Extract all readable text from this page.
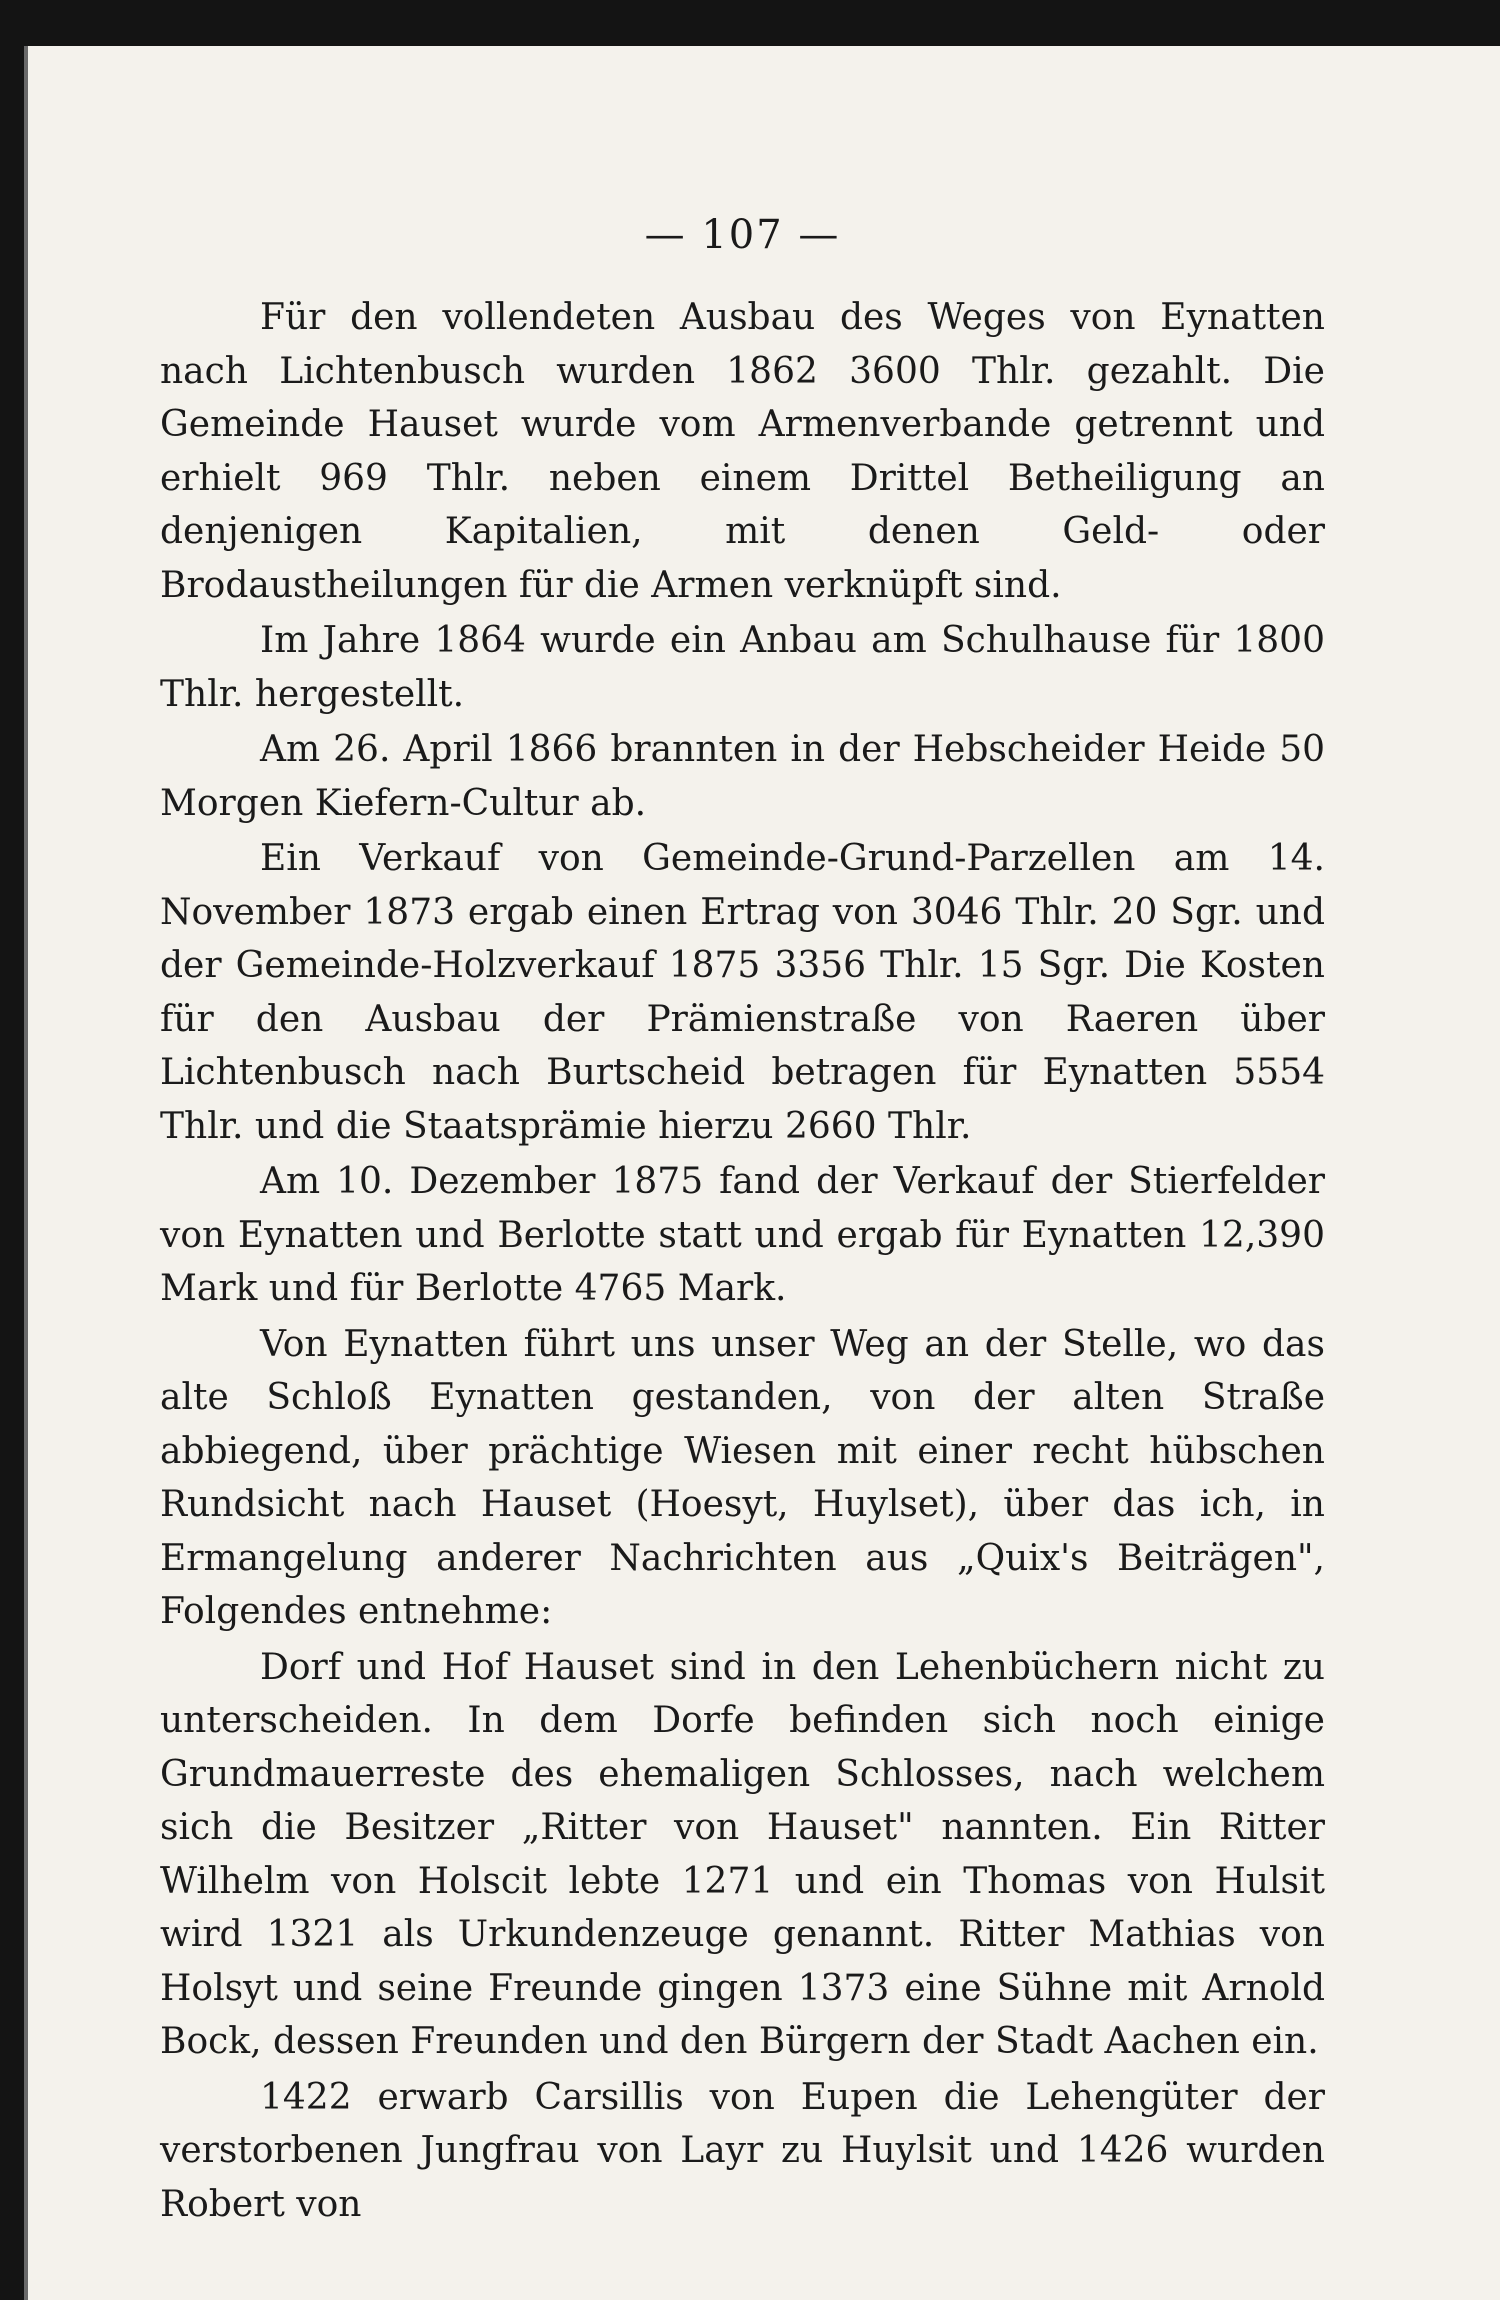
— 107 —

Für den vollendeten Ausbau des Weges von Eynatten nach Lichtenbusch wurden 1862 3600 Thlr. gezahlt. Die Gemeinde Hauset wurde vom Armenverbande getrennt und erhielt 969 Thlr. neben einem Drittel Betheiligung an denjenigen Kapitalien, mit denen Geld- oder Brodaustheilungen für die Armen verknüpft sind.

Im Jahre 1864 wurde ein Anbau am Schulhause für 1800 Thlr. hergestellt.

Am 26. April 1866 brannten in der Hebscheider Heide 50 Morgen Kiefern-Cultur ab.

Ein Verkauf von Gemeinde-Grund-Parzellen am 14. November 1873 ergab einen Ertrag von 3046 Thlr. 20 Sgr. und der Gemeinde-Holzverkauf 1875 3356 Thlr. 15 Sgr. Die Kosten für den Ausbau der Prämienstraße von Raeren über Lichtenbusch nach Burtscheid betragen für Eynatten 5554 Thlr. und die Staatsprämie hierzu 2660 Thlr.

Am 10. Dezember 1875 fand der Verkauf der Stierfelder von Eynatten und Berlotte statt und ergab für Eynatten 12,390 Mark und für Berlotte 4765 Mark.

Von Eynatten führt uns unser Weg an der Stelle, wo das alte Schloß Eynatten gestanden, von der alten Straße abbiegend, über prächtige Wiesen mit einer recht hübschen Rundsicht nach Hauset (Hoesyt, Huylset), über das ich, in Ermangelung anderer Nachrichten aus „Quix's Beiträgen", Folgendes entnehme:

Dorf und Hof Hauset sind in den Lehenbüchern nicht zu unterscheiden. In dem Dorfe befinden sich noch einige Grundmauerreste des ehemaligen Schlosses, nach welchem sich die Besitzer „Ritter von Hauset" nannten. Ein Ritter Wilhelm von Holscit lebte 1271 und ein Thomas von Hulsit wird 1321 als Urkundenzeuge genannt. Ritter Mathias von Holsyt und seine Freunde gingen 1373 eine Sühne mit Arnold Bock, dessen Freunden und den Bürgern der Stadt Aachen ein.

1422 erwarb Carsillis von Eupen die Lehengüter der verstorbenen Jungfrau von Layr zu Huylsit und 1426 wurden Robert von
